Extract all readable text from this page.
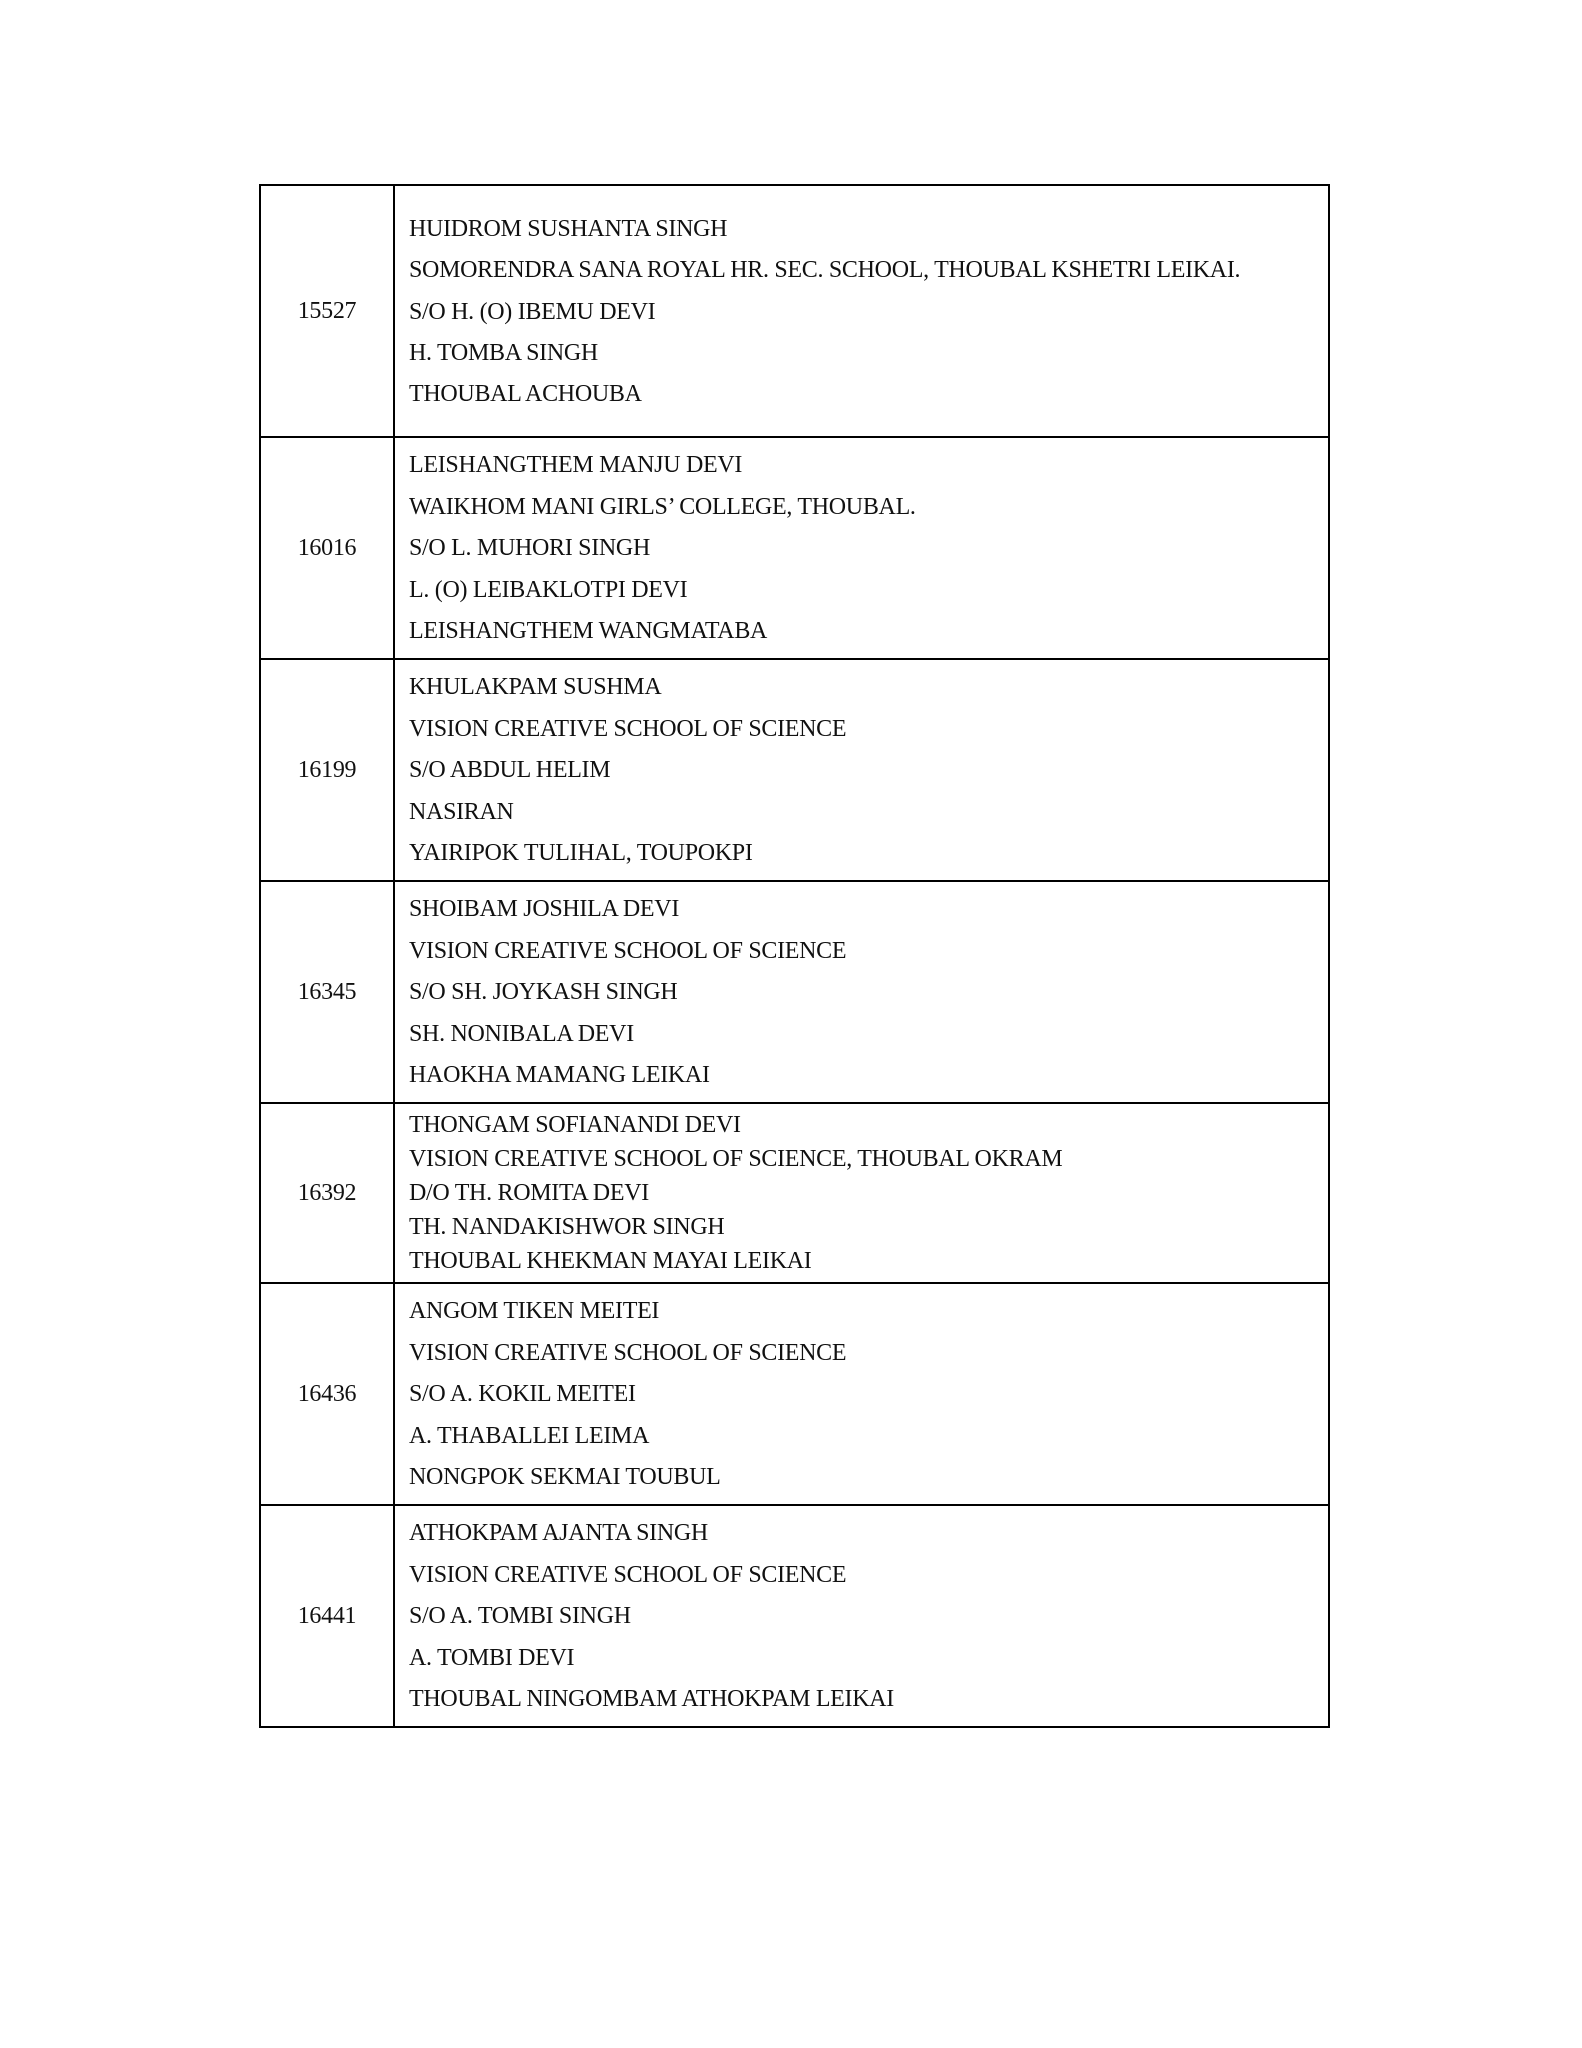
15527	HUIDROM SUSHANTA SINGH

SOMORENDRA SANA ROYAL HR. SEC. SCHOOL, THOUBAL KSHETRI LEIKAI.

S/O H. (O) IBEMU DEVI

H. TOMBA SINGH

THOUBAL ACHOUBA

16016	LEISHANGTHEM MANJU DEVI

WAIKHOM MANI GIRLS’ COLLEGE, THOUBAL.

S/O L. MUHORI SINGH

L. (O) LEIBAKLOTPI DEVI

LEISHANGTHEM WANGMATABA

16199	KHULAKPAM SUSHMA

VISION CREATIVE SCHOOL OF SCIENCE

S/O ABDUL HELIM

NASIRAN

YAIRIPOK TULIHAL, TOUPOKPI

16345	SHOIBAM JOSHILA DEVI

VISION CREATIVE SCHOOL OF SCIENCE

S/O SH. JOYKASH SINGH

SH. NONIBALA DEVI

HAOKHA MAMANG LEIKAI

16392	THONGAM SOFIANANDI DEVI

VISION CREATIVE SCHOOL OF SCIENCE, THOUBAL OKRAM

D/O TH. ROMITA DEVI

TH. NANDAKISHWOR SINGH

THOUBAL KHEKMAN MAYAI LEIKAI

16436	ANGOM TIKEN MEITEI

VISION CREATIVE SCHOOL OF SCIENCE

S/O A. KOKIL MEITEI

A. THABALLEI LEIMA

NONGPOK SEKMAI TOUBUL

16441	ATHOKPAM AJANTA SINGH

VISION CREATIVE SCHOOL OF SCIENCE

S/O A. TOMBI SINGH

A. TOMBI DEVI

THOUBAL NINGOMBAM ATHOKPAM LEIKAI
